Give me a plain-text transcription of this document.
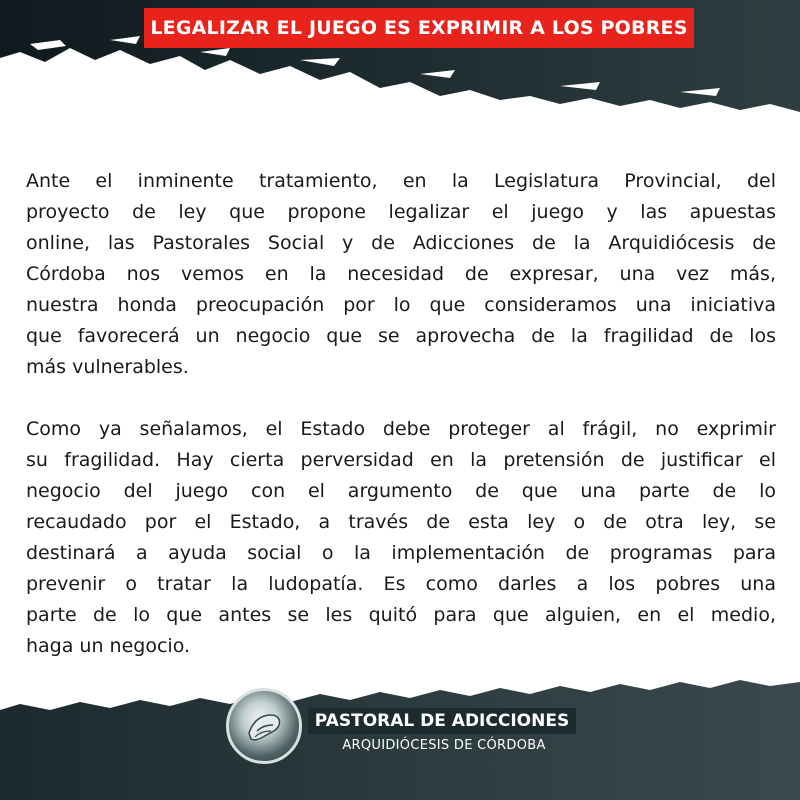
LEGALIZAR EL JUEGO ES EXPRIMIR A LOS POBRES
Ante el inminente tratamiento, en la Legislatura Provincial, del
proyecto de ley que propone legalizar el juego y las apuestas
online, las Pastorales Social y de Adicciones de la Arquidiócesis de
Córdoba nos vemos en la necesidad de expresar, una vez más,
nuestra honda preocupación por lo que consideramos una iniciativa
que favorecerá un negocio que se aprovecha de la fragilidad de los
más vulnerables.
Como ya señalamos, el Estado debe proteger al frágil, no exprimir
su fragilidad. Hay cierta perversidad en la pretensión de justificar el
negocio del juego con el argumento de que una parte de lo
recaudado por el Estado, a través de esta ley o de otra ley, se
destinará a ayuda social o la implementación de programas para
prevenir o tratar la ludopatía. Es como darles a los pobres una
parte de lo que antes se les quitó para que alguien, en el medio,
haga un negocio.
PASTORAL DE ADICCIONES
ARQUIDIÓCESIS DE CÓRDOBA
